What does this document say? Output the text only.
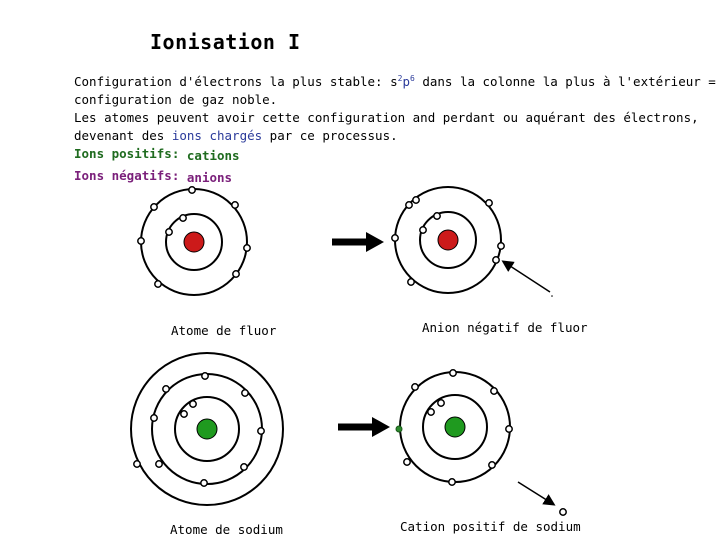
Ionisation I
Configuration d'électrons la plus stable: $s^2p^6$ dans la colonne la plus à l'extérieur =
configuration de gaz noble.
Les atomes peuvent avoir cette configuration and perdant ou aquérant des électrons,
devenant des ions chargés par ce processus.
Ions positifs: cations
Ions négatifs: anions
Atome de fluor	Anion négatif de fluor
Atome de sodium	Cation positif de sodium
